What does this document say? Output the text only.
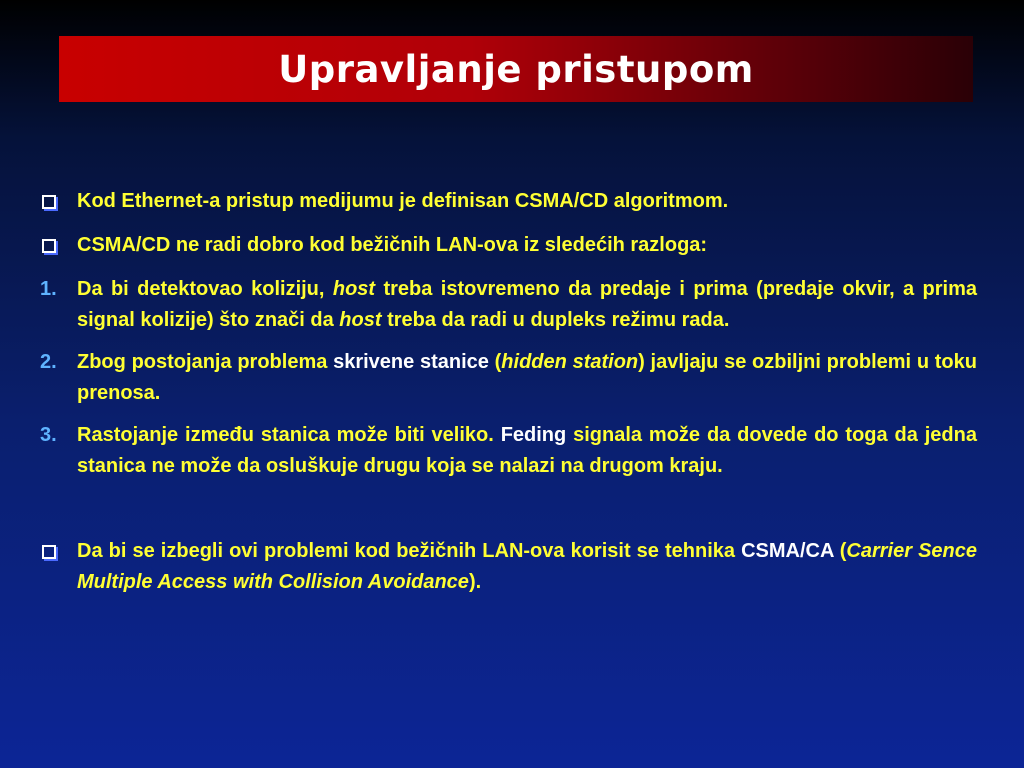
Upravljanje pristupom
Kod Ethernet-a pristup medijumu je definisan CSMA/CD algoritmom.
CSMA/CD ne radi dobro kod bežičnih LAN-ova iz sledećih razloga:
1.	Da bi detektovao koliziju, host treba istovremeno da predaje i prima (predaje okvir, a prima signal kolizije) što znači da host treba da radi u dupleks režimu rada.
2.	Zbog postojanja problema skrivene stanice (hidden station) javljaju se ozbiljni problemi u toku prenosa.
3.	Rastojanje između stanica može biti veliko. Feding signala može da dovede do toga da jedna stanica ne može da osluškuje drugu koja se nalazi na drugom kraju.
Da bi se izbegli ovi problemi kod bežičnih LAN-ova korisit se tehnika CSMA/CA (Carrier Sence Multiple Access with Collision Avoidance).
